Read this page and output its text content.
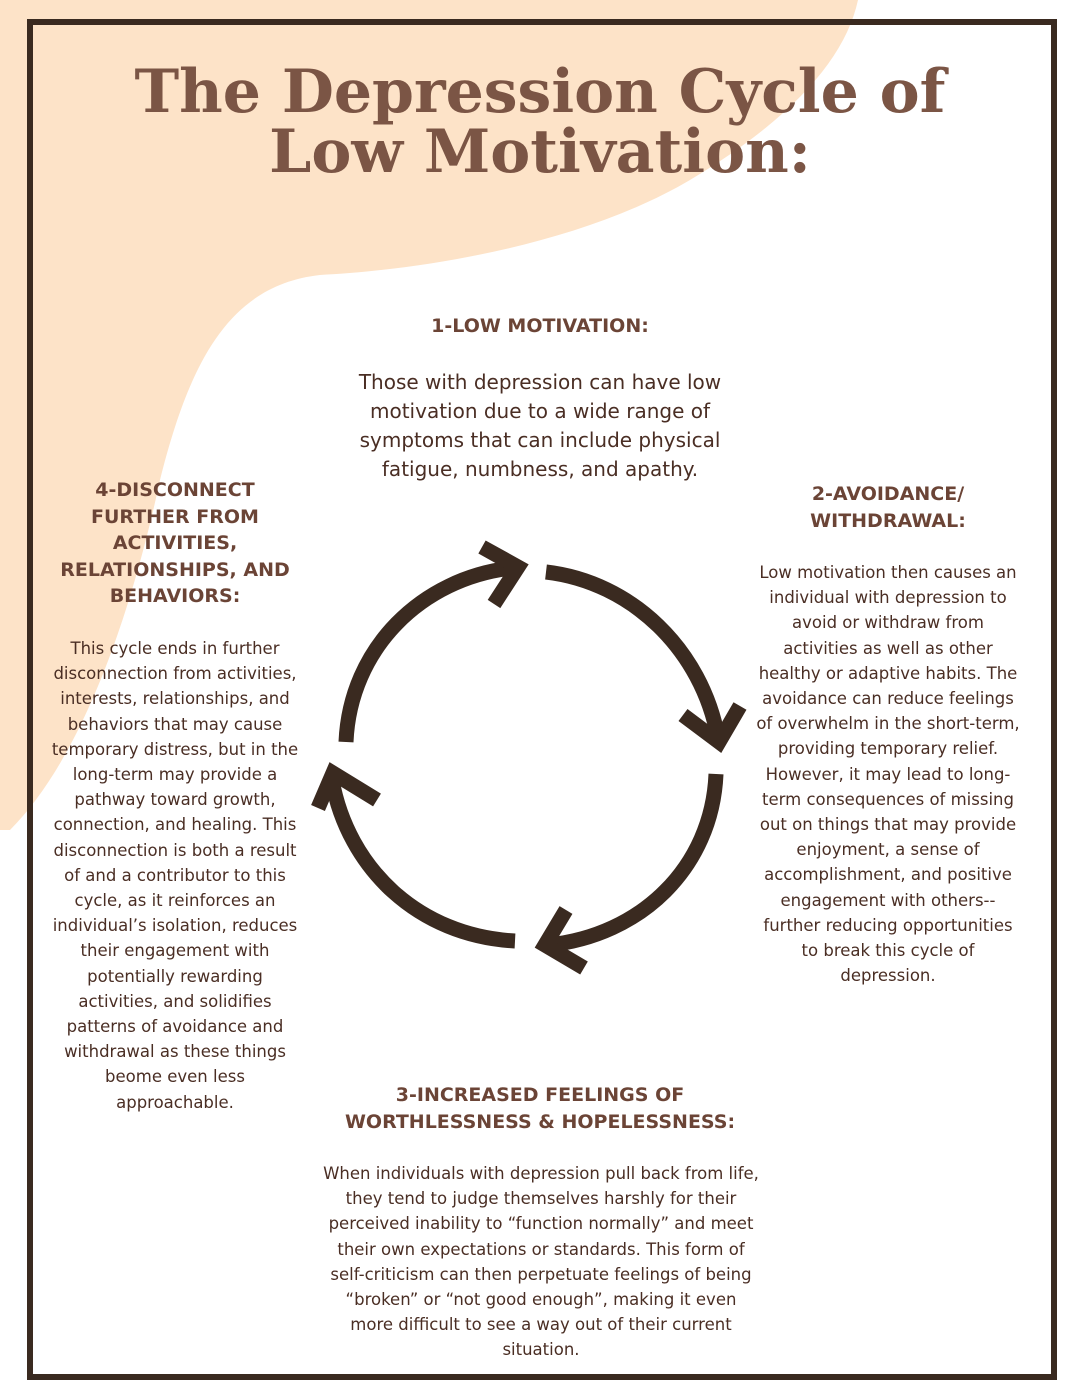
The Depression Cycle of
Low Motivation:
1-LOW MOTIVATION:

Those with depression can have low motivation due to a wide range of symptoms that can include physical fatigue, numbness, and apathy.

2-AVOIDANCE/ WITHDRAWAL:

Low motivation then causes an individual with depression to avoid or withdraw from activities as well as other healthy or adaptive habits. The avoidance can reduce feelings of overwhelm in the short-term, providing temporary relief. However, it may lead to long-term consequences of missing out on things that may provide enjoyment, a sense of accomplishment, and positive engagement with others-- further reducing opportunities to break this cycle of depression.

3-INCREASED FEELINGS OF WORTHLESSNESS & HOPELESSNESS:

When individuals with depression pull back from life, they tend to judge themselves harshly for their perceived inability to “function normally” and meet their own expectations or standards. This form of self-criticism can then perpetuate feelings of being “broken” or “not good enough”, making it even more difficult to see a way out of their current situation.

4-DISCONNECT FURTHER FROM ACTIVITIES, RELATIONSHIPS, AND BEHAVIORS:

This cycle ends in further disconnection from activities, interests, relationships, and behaviors that may cause temporary distress, but in the long-term may provide a pathway toward growth, connection, and healing. This disconnection is both a result of and a contributor to this cycle, as it reinforces an individual’s isolation, reduces their engagement with potentially rewarding activities, and solidifies patterns of avoidance and withdrawal as these things beome even less approachable.
